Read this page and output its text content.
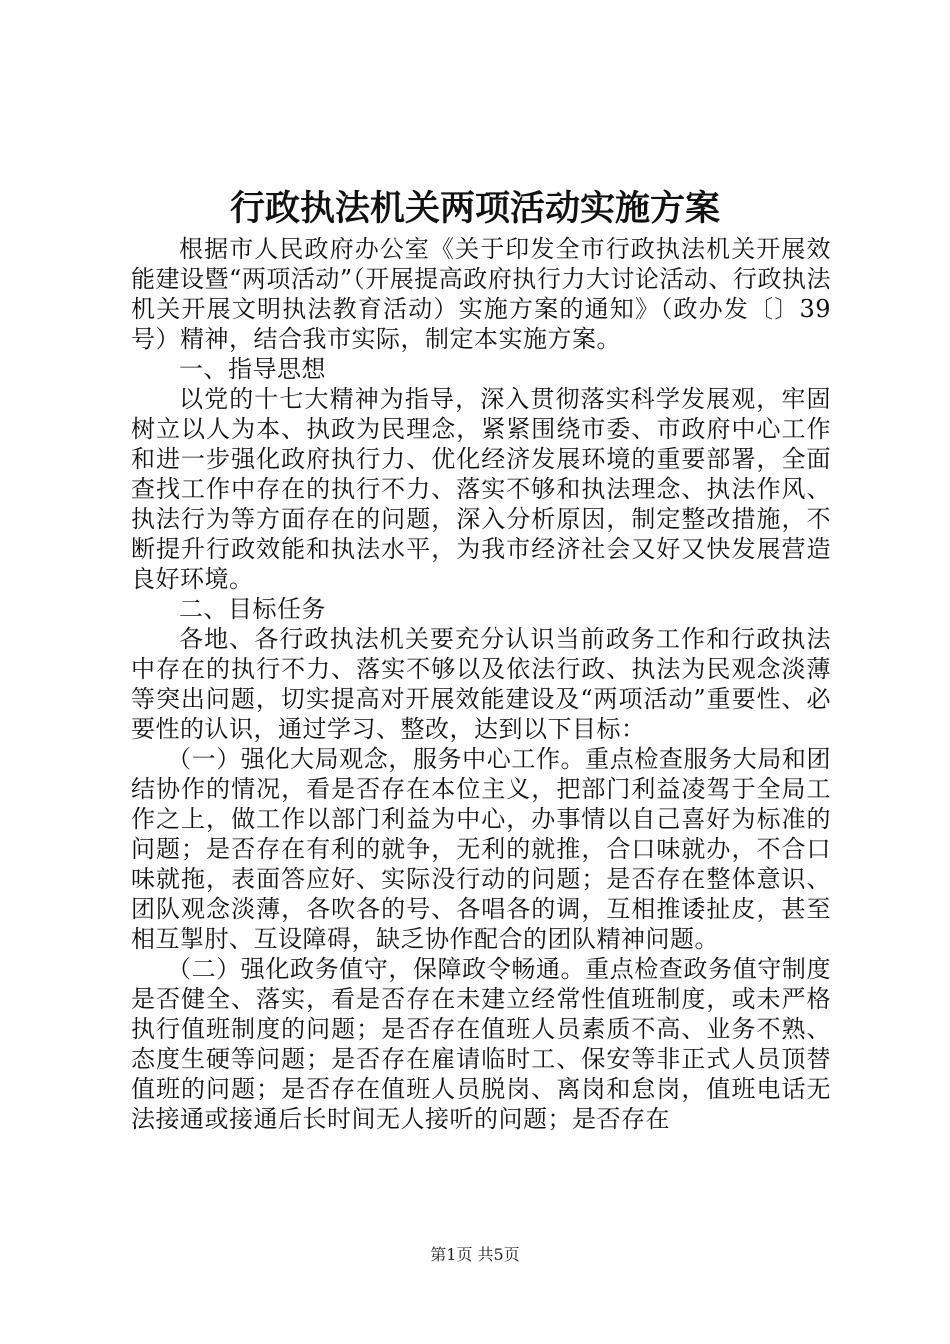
行政执法机关两项活动实施方案

根据市人民政府办公室《关于印发全市行政执法机关开展效能建设暨“两项活动”（开展提高政府执行力大讨论活动、行政执法机关开展文明执法教育活动）实施方案的通知》（政办发〔〕39号）精神，结合我市实际，制定本实施方案。

一、指导思想

以党的十七大精神为指导，深入贯彻落实科学发展观，牢固树立以人为本、执政为民理念，紧紧围绕市委、市政府中心工作和进一步强化政府执行力、优化经济发展环境的重要部署，全面查找工作中存在的执行不力、落实不够和执法理念、执法作风、执法行为等方面存在的问题，深入分析原因，制定整改措施，不断提升行政效能和执法水平，为我市经济社会又好又快发展营造良好环境。

二、目标任务

各地、各行政执法机关要充分认识当前政务工作和行政执法中存在的执行不力、落实不够以及依法行政、执法为民观念淡薄等突出问题，切实提高对开展效能建设及“两项活动”重要性、必要性的认识，通过学习、整改，达到以下目标：

（一）强化大局观念，服务中心工作。重点检查服务大局和团结协作的情况，看是否存在本位主义，把部门利益凌驾于全局工作之上，做工作以部门利益为中心，办事情以自己喜好为标准的问题；是否存在有利的就争，无利的就推，合口味就办，不合口味就拖，表面答应好、实际没行动的问题；是否存在整体意识、团队观念淡薄，各吹各的号、各唱各的调，互相推诿扯皮，甚至相互掣肘、互设障碍，缺乏协作配合的团队精神问题。

（二）强化政务值守，保障政令畅通。重点检查政务值守制度是否健全、落实，看是否存在未建立经常性值班制度，或未严格执行值班制度的问题；是否存在值班人员素质不高、业务不熟、态度生硬等问题；是否存在雇请临时工、保安等非正式人员顶替值班的问题；是否存在值班人员脱岗、离岗和怠岗，值班电话无法接通或接通后长时间无人接听的问题；是否存在

第1页 共5页
